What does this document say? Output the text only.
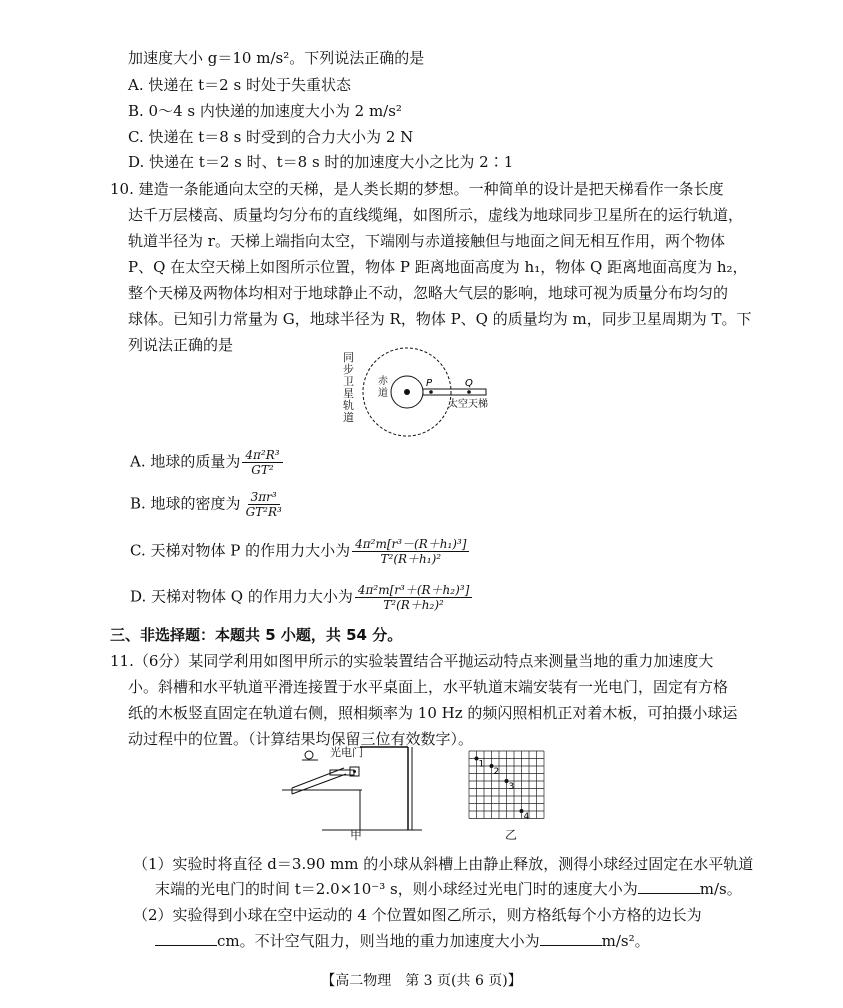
加速度大小 g＝10 m/s²。下列说法正确的是
A. 快递在 t＝2 s 时处于失重状态
B. 0～4 s 内快递的加速度大小为 2 m/s²
C. 快递在 t＝8 s 时受到的合力大小为 2 N
D. 快递在 t＝2 s 时、t＝8 s 时的加速度大小之比为 2∶1
10. 建造一条能通向太空的天梯，是人类长期的梦想。一种简单的设计是把天梯看作一条长度
达千万层楼高、质量均匀分布的直线缆绳，如图所示，虚线为地球同步卫星所在的运行轨道，
轨道半径为 r。天梯上端指向太空，下端刚与赤道接触但与地面之间无相互作用，两个物体
P、Q 在太空天梯上如图所示位置，物体 P 距离地面高度为 h₁，物体 Q 距离地面高度为 h₂，
整个天梯及两物体均相对于地球静止不动，忽略大气层的影响，地球可视为质量分布均匀的
球体。已知引力常量为 G，地球半径为 R，物体 P、Q 的质量均为 m，同步卫星周期为 T。下
列说法正确的是
P	Q
太空天梯
同步卫星轨道
赤道
A. 地球的质量为 $\frac{\text{4π²R³}}{\text{GT²}}$
B. 地球的密度为 $\frac{\text{3πr³}}{\text{GT²R³}}$
C. 天梯对物体 P 的作用力大小为 $\frac{\text{4π²m[r³－(R＋h₁)³]}}{\text{T²(R＋h₁)²}}$
D. 天梯对物体 Q 的作用力大小为 $\frac{\text{4π²m[r³＋(R＋h₂)³]}}{\text{T²(R＋h₂)²}}$
三、非选择题：本题共 5 小题，共 54 分。
11.（6分）某同学利用如图甲所示的实验装置结合平抛运动特点来测量当地的重力加速度大
小。斜槽和水平轨道平滑连接置于水平桌面上，水平轨道末端安装有一光电门，固定有方格
纸的木板竖直固定在轨道右侧，照相频率为 10 Hz 的频闪照相机正对着木板，可拍摄小球运
动过程中的位置。（计算结果均保留三位有效数字）。
光电门
甲
1
2
3
4
乙
（1）实验时将直径 d＝3.90 mm 的小球从斜槽上由静止释放，测得小球经过固定在水平轨道
末端的光电门的时间 t＝2.0×10⁻³ s，则小球经过光电门时的速度大小为	m/s。
（2）实验得到小球在空中运动的 4 个位置如图乙所示，则方格纸每个小方格的边长为
cm。不计空气阻力，则当地的重力加速度大小为	m/s²。
【高二物理　第 3 页(共 6 页)】
